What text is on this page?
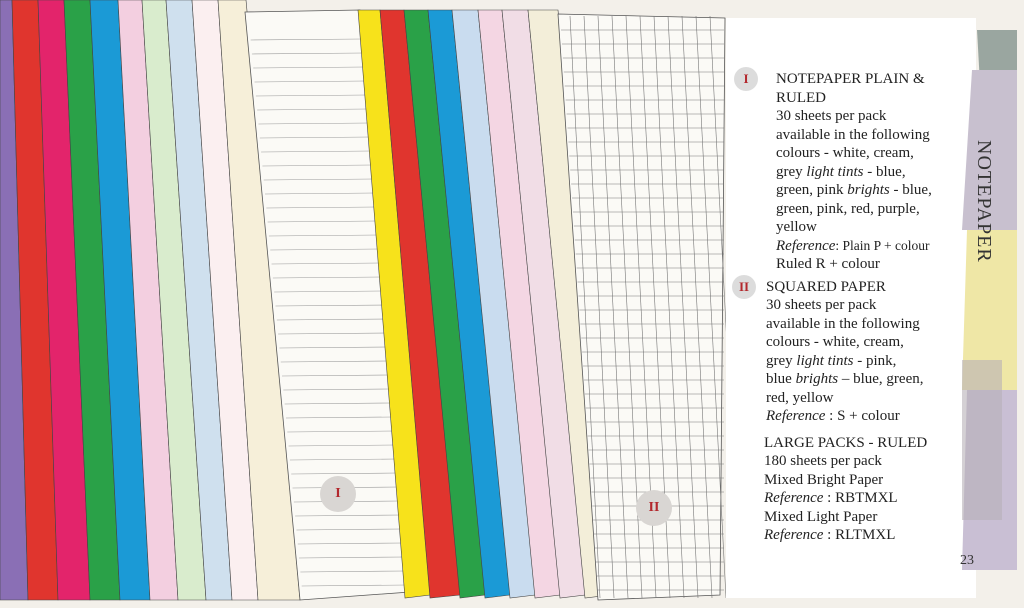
NOTEPAPER
I
II
I	NOTEPAPER PLAIN &
RULED
30 sheets per pack
available in the following
colours - white, cream,
grey light tints - blue,
green, pink brights - blue,
green, pink, red, purple,
yellow
Reference: Plain P + colour
Ruled R + colour
II	SQUARED PAPER
30 sheets per pack
available in the following
colours - white, cream,
grey light tints - pink,
blue brights – blue, green,
red, yellow
Reference : S + colour
LARGE PACKS - RULED
180 sheets per pack
Mixed Bright Paper
Reference : RBTMXL
Mixed Light Paper
Reference : RLTMXL
23
